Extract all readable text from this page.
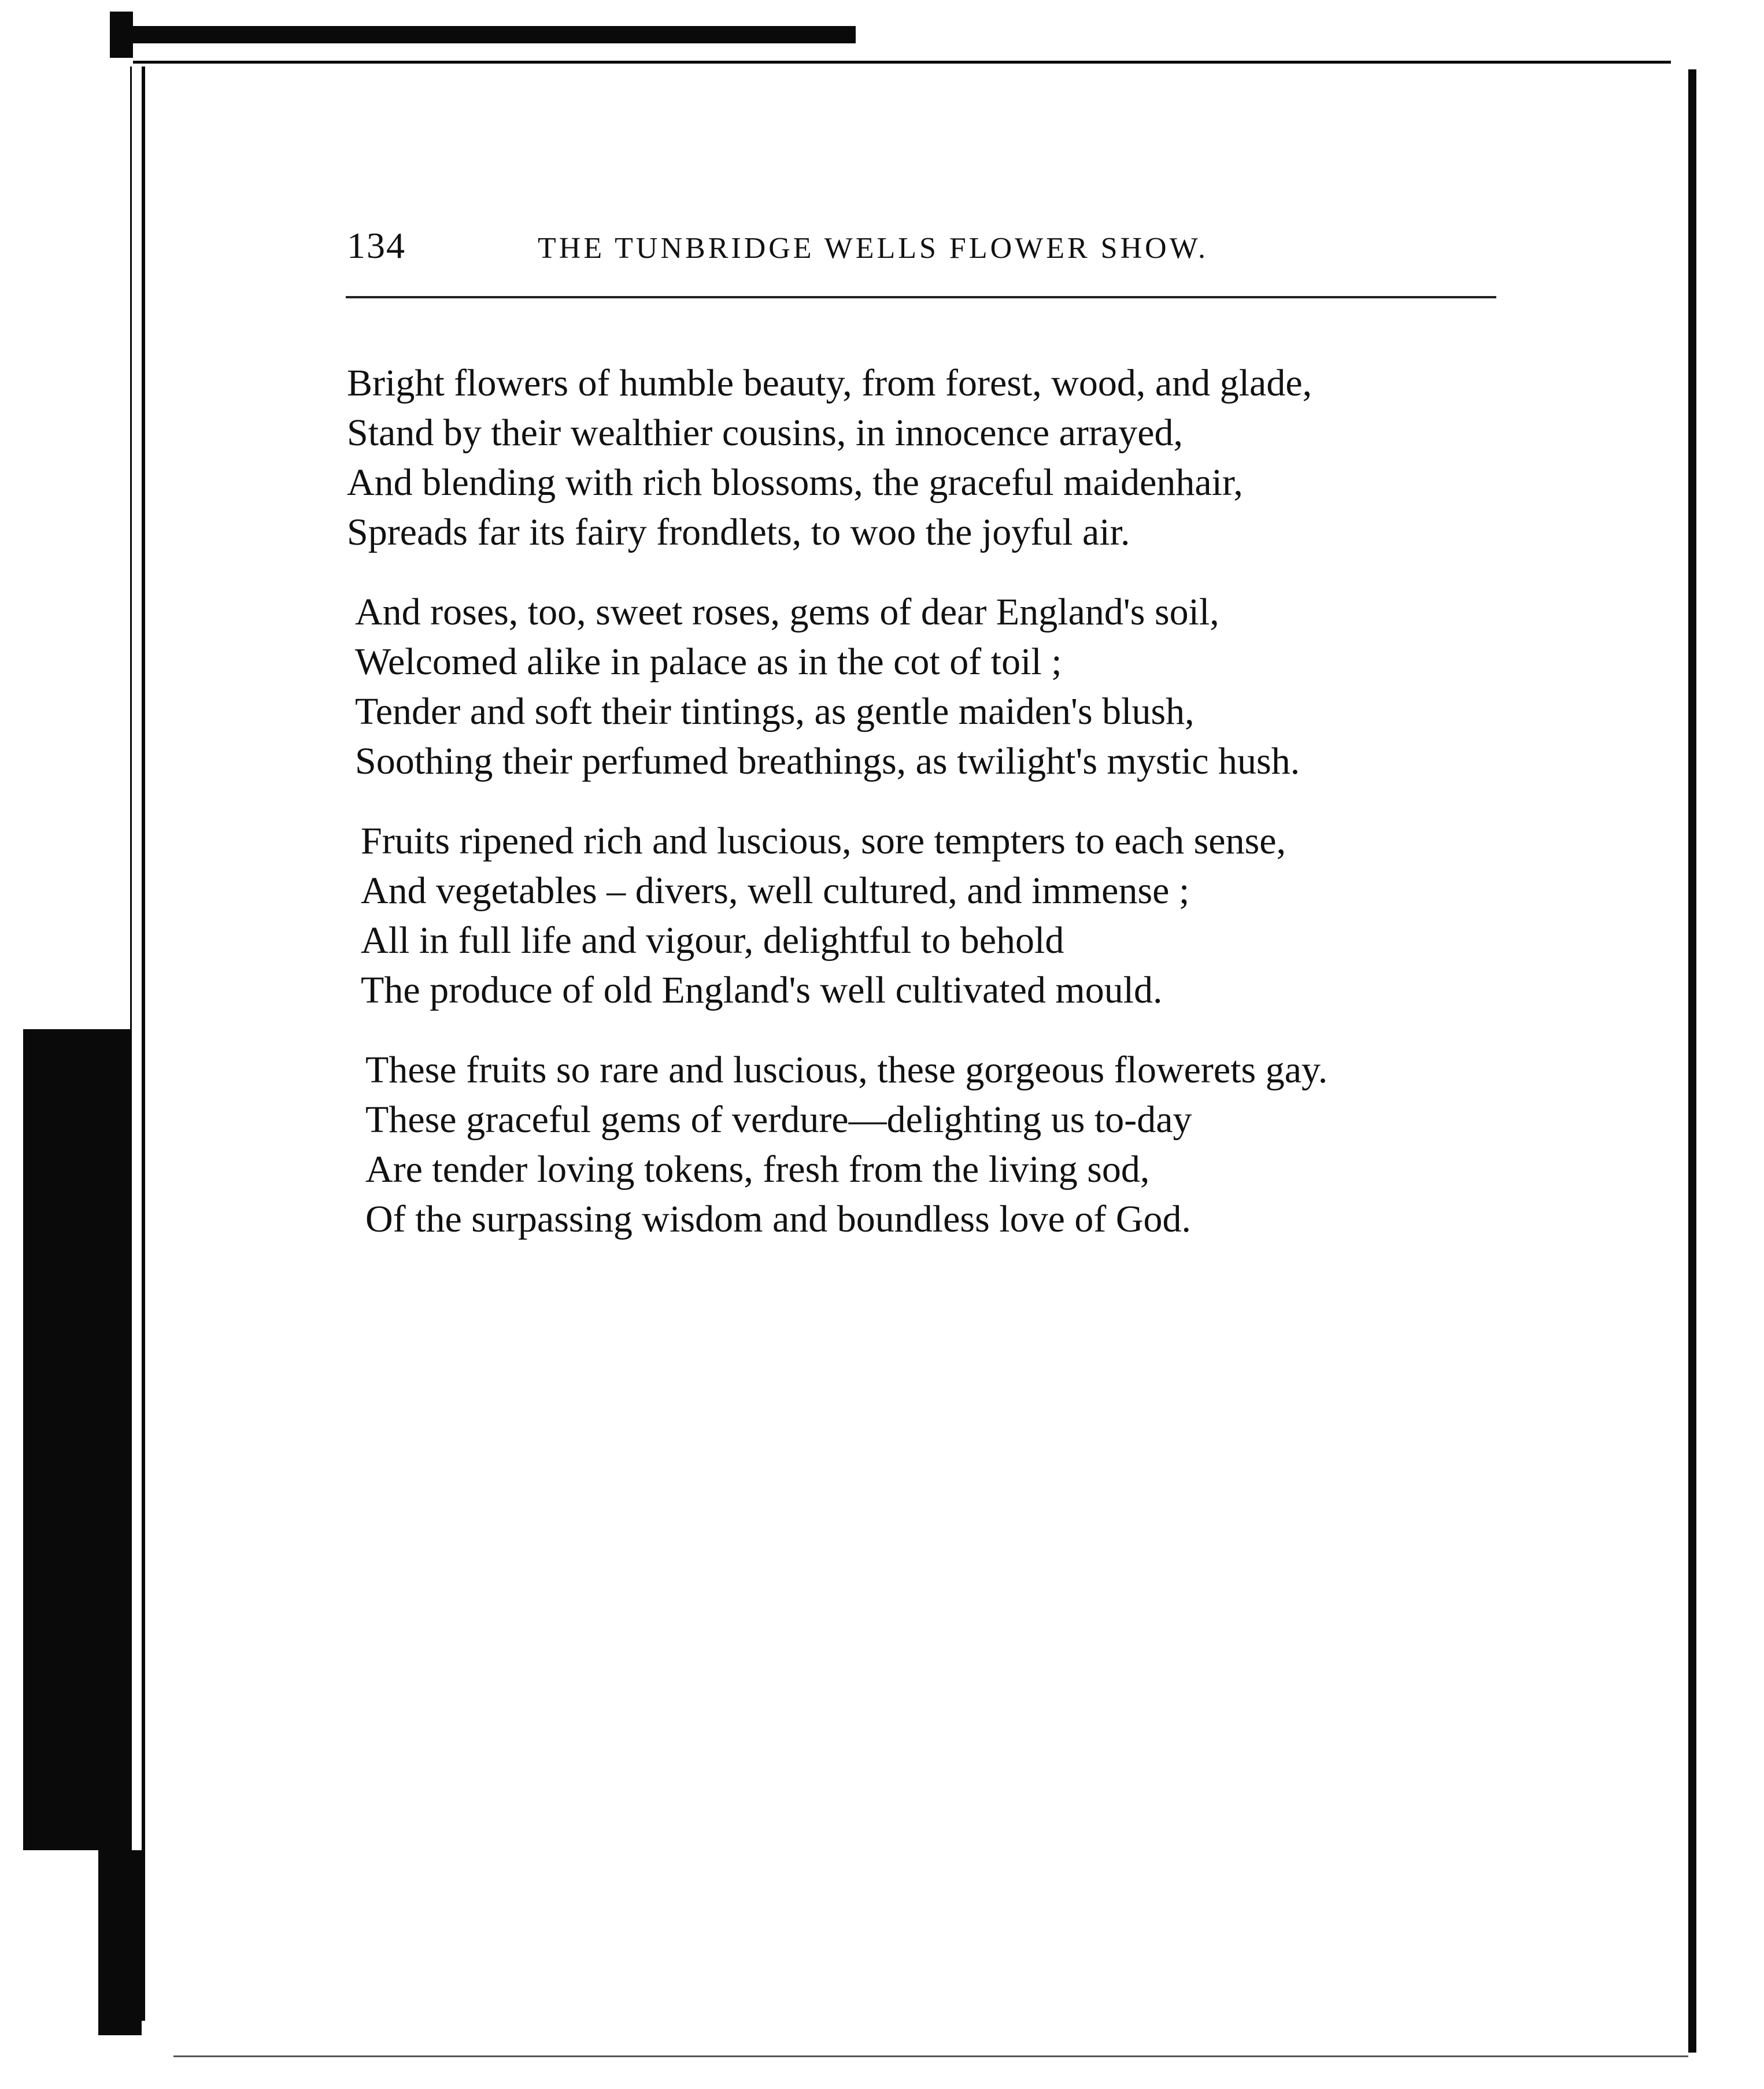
134	THE TUNBRIDGE WELLS FLOWER SHOW.
Bright flowers of humble beauty, from forest, wood, and glade,
Stand by their wealthier cousins, in innocence arrayed,
And blending with rich blossoms, the graceful maidenhair,
Spreads far its fairy frondlets, to woo the joyful air.
And roses, too, sweet roses, gems of dear England's soil,
Welcomed alike in palace as in the cot of toil ;
Tender and soft their tintings, as gentle maiden's blush,
Soothing their perfumed breathings, as twilight's mystic hush.
Fruits ripened rich and luscious, sore tempters to each sense,
And vegetables – divers, well cultured, and immense ;
All in full life and vigour, delightful to behold
The produce of old England's well cultivated mould.
These fruits so rare and luscious, these gorgeous flowerets gay.
These graceful gems of verdure—delighting us to-day
Are tender loving tokens, fresh from the living sod,
Of the surpassing wisdom and boundless love of God.
